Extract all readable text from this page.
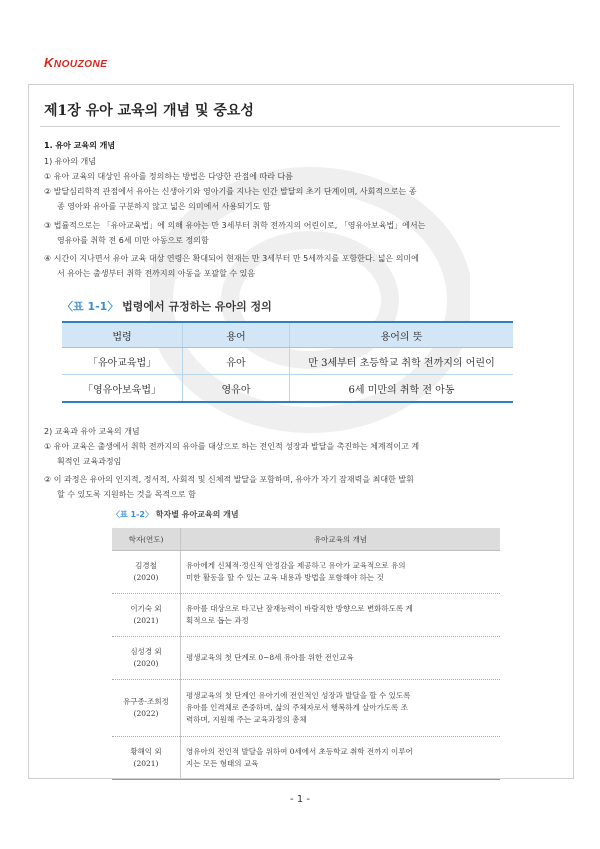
KNOUZONE
제1장 유아 교육의 개념 및 중요성
1. 유아 교육의 개념
1) 유아의 개념
① 유아 교육의 대상인 유아를 정의하는 방법은 다양한 관점에 따라 다름
② 발달심리학적 관점에서 유아는 신생아기와 영아기를 지나는 인간 발달의 초기 단계이며, 사회적으로는 종
종 영아와 유아를 구분하지 않고 넓은 의미에서 사용되기도 함
③ 법률적으로는 「유아교육법」에 의해 유아는 만 3세부터 취학 전까지의 어린이로, 「영유아보육법」에서는
영유아를 취학 전 6세 미만 아동으로 정의함
④ 시간이 지나면서 유아 교육 대상 연령은 확대되어 현재는 만 3세부터 만 5세까지를 포함한다. 넓은 의미에
서 유아는 출생부터 취학 전까지의 아동을 포괄할 수 있음
〈표 1-1〉 법령에서 규정하는 유아의 정의
법령	용어	용어의 뜻
「유아교육법」	유아	만 3세부터 초등학교 취학 전까지의 어린이
「영유아보육법」	영유아	6세 미만의 취학 전 아동
2) 교육과 유아 교육의 개념
① 유아 교육은 출생에서 취학 전까지의 유아를 대상으로 하는 전인적 성장과 발달을 촉진하는 체계적이고 계
획적인 교육과정임
② 이 과정은 유아의 인지적, 정서적, 사회적 및 신체적 발달을 포함하며, 유아가 자기 잠재력을 최대한 발휘
할 수 있도록 지원하는 것을 목적으로 함
〈표 1-2〉 학자별 유아교육의 개념
학자(연도)	유아교육의 개념
김경철
(2020)	유아에게 신체적·정신적 안정감을 제공하고 유아가 교육적으로 유의
미한 활동을 할 수 있는 교육 내용과 방법을 포함해야 하는 것
이기숙 외
(2021)	유아를 대상으로 타고난 잠재능력이 바람직한 방향으로 변화하도록 계
획적으로 돕는 과정
심성경 외
(2020)	평생교육의 첫 단계로 0~8세 유아를 위한 전인교육
유구종·조희정
(2022)	평생교육의 첫 단계인 유아기에 전인적인 성장과 발달을 할 수 있도록
유아를 인격체로 존중하며, 삶의 주체자로서 행복하게 살아가도록 조
력하며, 지원해 주는 교육과정의 총체
황해익 외
(2021)	영유아의 전인적 발달을 위하여 0세에서 초등학교 취학 전까지 이루어
지는 모든 형태의 교육
- 1 -
